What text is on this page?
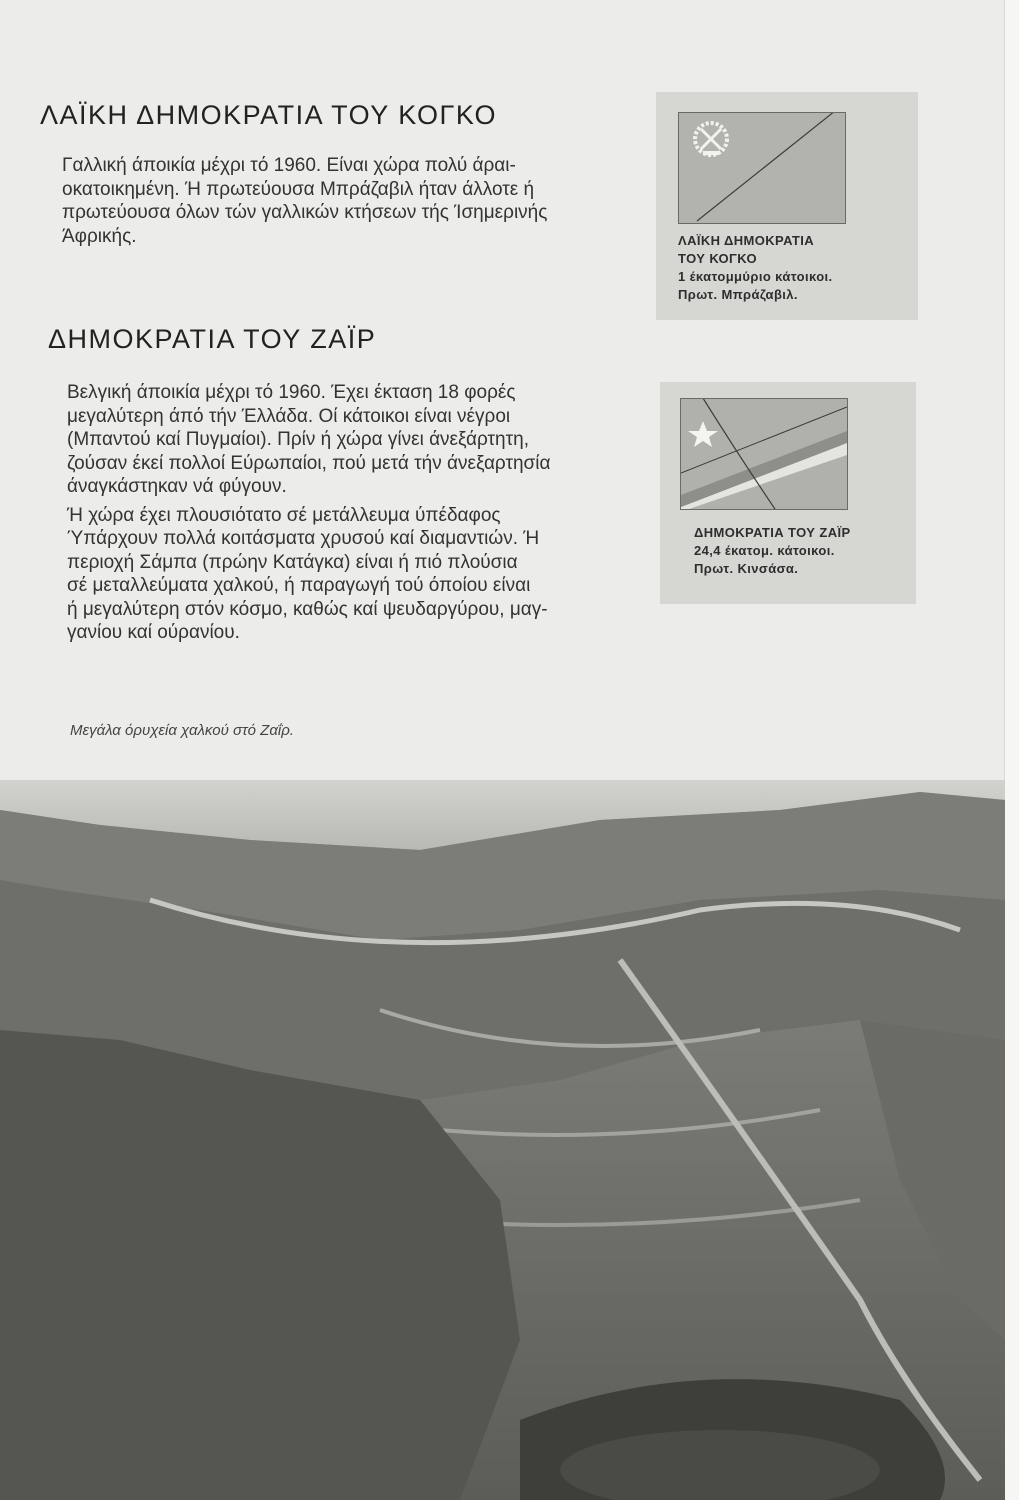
ΛΑΪΚΗ ΔΗΜΟΚΡΑΤΙΑ ΤΟΥ ΚΟΓΚΟ

Γαλλική άποικία μέχρι τό 1960. Είναι χώρα πολύ άραι-

οκατοικημένη. Ή πρωτεύουσα Μπράζαβιλ ήταν άλλοτε ή

πρωτεύουσα όλων τών γαλλικών κτήσεων τής Ίσημερινής

Άφρικής.

ΔΗΜΟΚΡΑΤΙΑ ΤΟΥ ΖΑΪΡ

Βελγική άποικία μέχρι τό 1960. Έχει έκταση 18 φορές

μεγαλύτερη άπό τήν Έλλάδα. Οί κάτοικοι είναι νέγροι

(Μπαντού καί Πυγμαίοι). Πρίν ή χώρα γίνει άνεξάρτητη,

ζούσαν έκεί πολλοί Εύρωπαίοι, πού μετά τήν άνεξαρτησία

άναγκάστηκαν νά φύγουν.

Ή χώρα έχει πλουσιότατο σέ μετάλλευμα ύπέδαφος

Ύπάρχουν πολλά κοιτάσματα χρυσού καί διαμαντιών. Ή

περιοχή Σάμπα (πρώην Κατάγκα) είναι ή πιό πλούσια

σέ μεταλλεύματα χαλκού, ή παραγωγή τού όποίου είναι

ή μεγαλύτερη στόν κόσμο, καθώς καί ψευδαργύρου, μαγ-

γανίου καί ούρανίου.

ΛΑΪΚΗ ΔΗΜΟΚΡΑΤΙΑ
ΤΟΥ ΚΟΓΚΟ
1 έκατομμύριο κάτοικοι.
Πρωτ. Μπράζαβιλ.
ΔΗΜΟΚΡΑΤΙΑ ΤΟΥ ΖΑΪΡ
24,4 έκατομ. κάτοικοι.
Πρωτ. Κινσάσα.
Μεγάλα όρυχεία χαλκού στό Ζαΐρ.
